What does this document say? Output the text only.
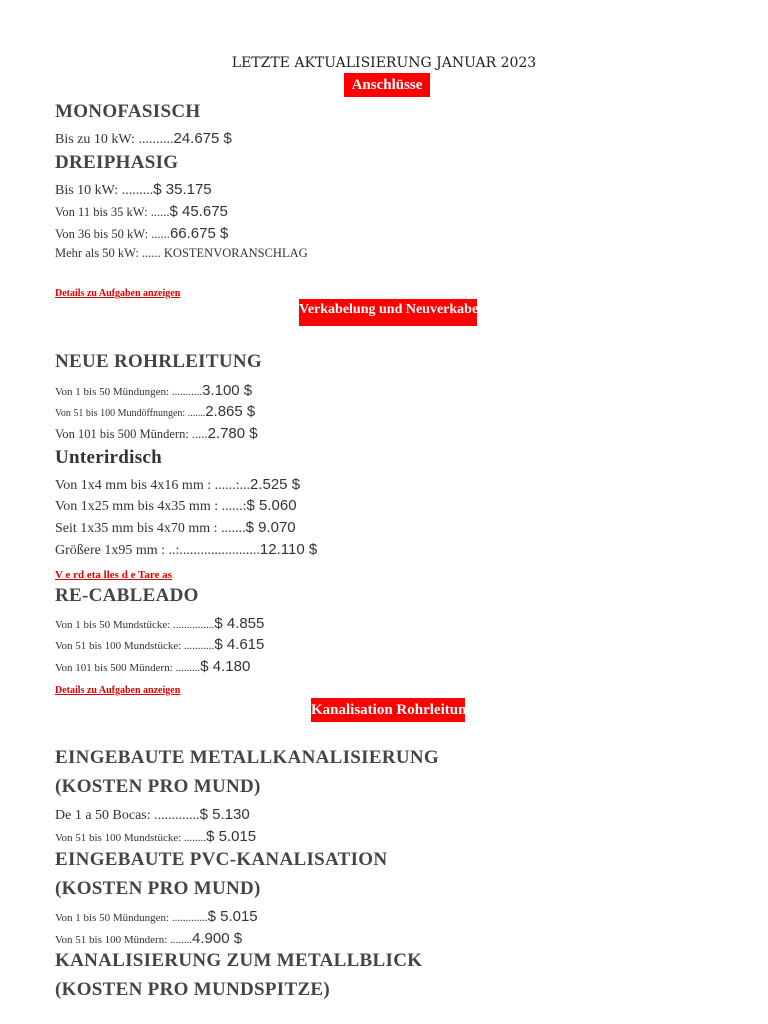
LETZTE AKTUALISIERUNG JANUAR 2023
Anschlüsse
MONOFASISCH
Bis zu 10 kW: ..........24.675 $
DREIPHASIG
Bis 10 kW: .........$ 35.175
Von 11 bis 35 kW: ......$ 45.675
Von 36 bis 50 kW: ......66.675 $
Mehr als 50 kW: ...... KOSTENVORANSCHLAG
Details zu Aufgaben anzeigen
Verkabelung und Neuverkabelung
NEUE ROHRLEITUNG
Von 1 bis 50 Mündungen: ...........3.100 $
Von 51 bis 100 Mundöffnungen: .......2.865 $
Von 101 bis 500 Mündern: .....2.780 $
Unterirdisch
Von 1x4 mm bis 4x16 mm : ......:...2.525 $
Von 1x25 mm bis 4x35 mm : ......:$ 5.060
Seit 1x35 mm bis 4x70 mm : .......$ 9.070
Größere 1x95 mm : ..:.......................12.110 $
V e rd eta lles d e Tare as
RE-CABLEADO
Von 1 bis 50 Mundstücke: ...............$ 4.855
Von 51 bis 100 Mundstücke: ...........$ 4.615
Von 101 bis 500 Mündern: .........$ 4.180
Details zu Aufgaben anzeigen
Kanalisation Rohrleitung
EINGEBAUTE METALLKANALISIERUNG
(KOSTEN PRO MUND)
De 1 a 50 Bocas: .............$ 5.130
Von 51 bis 100 Mundstücke: ........$ 5.015
EINGEBAUTE PVC-KANALISATION
(KOSTEN PRO MUND)
Von 1 bis 50 Mündungen: .............$ 5.015
Von 51 bis 100 Mündern: ........4.900 $
KANALISIERUNG ZUM METALLBLICK
(KOSTEN PRO MUNDSPITZE)
